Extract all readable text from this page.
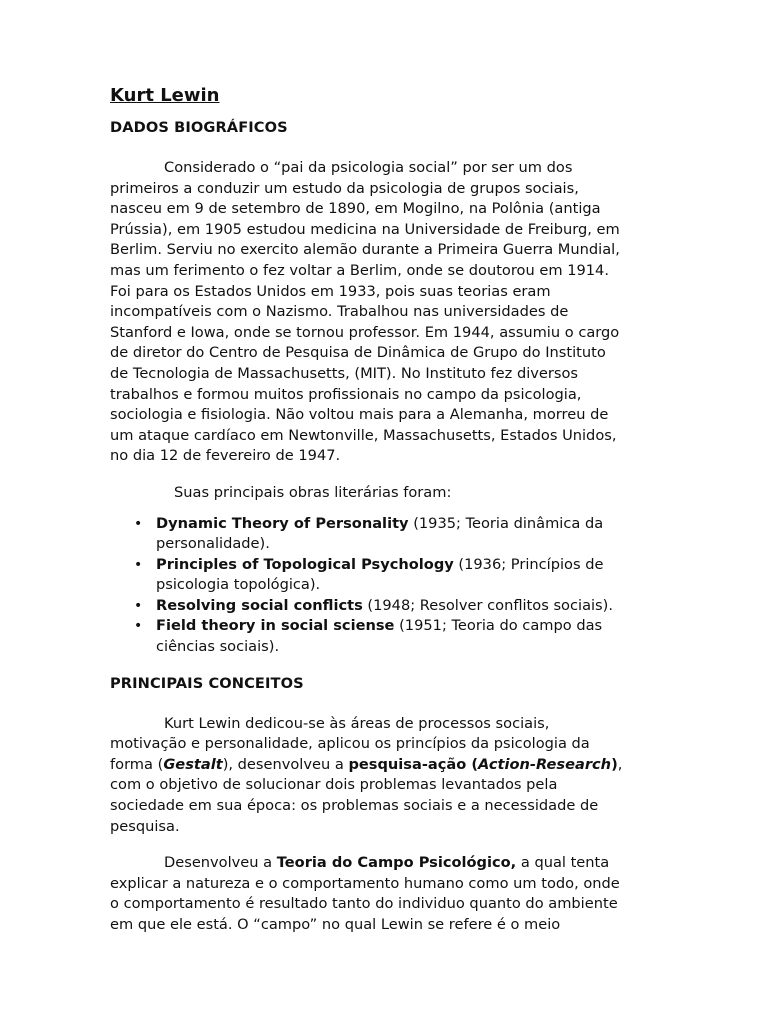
Kurt Lewin
DADOS BIOGRÁFICOS
Considerado o “pai da psicologia social” por ser um dos
primeiros a conduzir um estudo da psicologia de grupos sociais,
nasceu em 9 de setembro de 1890, em Mogilno, na Polônia (antiga
Prússia), em 1905 estudou medicina na Universidade de Freiburg, em
Berlim. Serviu no exercito alemão durante a Primeira Guerra Mundial,
mas um ferimento o fez voltar a Berlim, onde se doutorou em 1914.
Foi para os Estados Unidos em 1933, pois suas teorias eram
incompatíveis com o Nazismo. Trabalhou nas universidades de
Stanford e Iowa, onde se tornou professor. Em 1944, assumiu o cargo
de diretor do Centro de Pesquisa de Dinâmica de Grupo do Instituto
de Tecnologia de Massachusetts, (MIT). No Instituto fez diversos
trabalhos e formou muitos profissionais no campo da psicologia,
sociologia e fisiologia. Não voltou mais para a Alemanha, morreu de
um ataque cardíaco em Newtonville, Massachusetts, Estados Unidos,
no dia 12 de fevereiro de 1947.
Suas principais obras literárias foram:
• Dynamic Theory of Personality (1935; Teoria dinâmica da
personalidade).
• Principles of Topological Psychology (1936; Princípios de
psicologia topológica).
• Resolving social conflicts (1948; Resolver conflitos sociais).
• Field theory in social sciense (1951; Teoria do campo das
ciências sociais).
PRINCIPAIS CONCEITOS
Kurt Lewin dedicou-se às áreas de processos sociais,
motivação e personalidade, aplicou os princípios da psicologia da
forma (Gestalt), desenvolveu a pesquisa-ação (Action-Research),
com o objetivo de solucionar dois problemas levantados pela
sociedade em sua época: os problemas sociais e a necessidade de
pesquisa.
Desenvolveu a Teoria do Campo Psicológico, a qual tenta
explicar a natureza e o comportamento humano como um todo, onde
o comportamento é resultado tanto do individuo quanto do ambiente
em que ele está. O “campo” no qual Lewin se refere é o meio
